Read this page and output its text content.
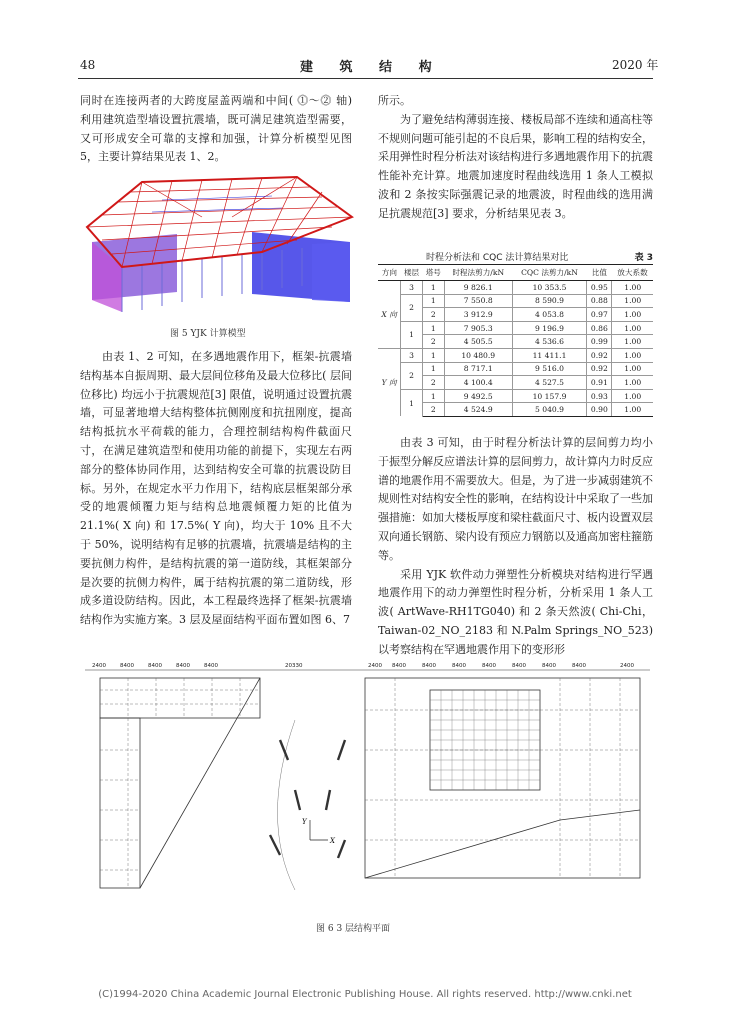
48	建 筑 结 构	2020 年

同时在连接两者的大跨度屋盖两端和中间( ⓵～⓶ 轴) 利用建筑造型墙设置抗震墙，既可满足建筑造型需要，又可形成安全可靠的支撑和加强，计算分析模型见图 5，主要计算结果见表 1、2。

图 5 YJK 计算模型

由表 1、2 可知，在多遇地震作用下，框架-抗震墙结构基本自振周期、最大层间位移角及最大位移比( 层间位移比) 均远小于抗震规范[3] 限值，说明通过设置抗震墙，可显著地增大结构整体抗侧刚度和抗扭刚度，提高结构抵抗水平荷载的能力，合理控制结构构件截面尺寸，在满足建筑造型和使用功能的前提下，实现左右两部分的整体协同作用，达到结构安全可靠的抗震设防目标。另外，在规定水平力作用下，结构底层框架部分承受的地震倾覆力矩与结构总地震倾覆力矩的比值为 21.1%( X 向) 和 17.5%( Y 向)，均大于 10% 且不大于 50%，说明结构有足够的抗震墙，抗震墙是结构的主要抗侧力构件，是结构抗震的第一道防线，其框架部分是次要的抗侧力构件，属于结构抗震的第二道防线，形成多道设防结构。因此，本工程最终选择了框架-抗震墙结构作为实施方案。3 层及屋面结构平面布置如图 6、7

所示。

为了避免结构薄弱连接、楼板局部不连续和通高柱等不规则问题可能引起的不良后果，影响工程的结构安全，采用弹性时程分析法对该结构进行多遇地震作用下的抗震性能补充计算。地震加速度时程曲线选用 1 条人工模拟波和 2 条按实际强震记录的地震波，时程曲线的选用满足抗震规范[3] 要求，分析结果见表 3。

时程分析法和 CQC 法计算结果对比	表 3
方向	楼层	塔号	时程法剪力/kN	CQC 法剪力/kN	比值	放大系数
X 向	3	1	9 826.1	10 353.5	0.95	1.00
	2	1	7 550.8	8 590.9	0.88	1.00
		2	3 912.9	4 053.8	0.97	1.00
	1	1	7 905.3	9 196.9	0.86	1.00
		2	4 505.5	4 536.6	0.99	1.00
Y 向	3	1	10 480.9	11 411.1	0.92	1.00
	2	1	8 717.1	9 516.0	0.92	1.00
		2	4 100.4	4 527.5	0.91	1.00
	1	1	9 492.5	10 157.9	0.93	1.00
		2	4 524.9	5 040.9	0.90	1.00

由表 3 可知，由于时程分析法计算的层间剪力均小于振型分解反应谱法计算的层间剪力，故计算内力时反应谱的地震作用不需要放大。但是，为了进一步减弱建筑不规则性对结构安全性的影响，在结构设计中采取了一些加强措施：如加大楼板厚度和梁柱截面尺寸、板内设置双层双向通长钢筋、梁内设有预应力钢筋以及通高加密柱箍筋等。

采用 YJK 软件动力弹塑性分析模块对结构进行罕遇地震作用下的动力弹塑性时程分析，分析采用 1 条人工波( ArtWave-RH1TG040) 和 2 条天然波( Chi-Chi，Taiwan-02_NO_2183 和 N.Palm Springs_NO_523) 以考察结构在罕遇地震作用下的变形形

2400	8400	8400	8400	8400	20330	2400 8400	8400	8400	8400	8400	8400	8400	2400
Y
X
图 6 3 层结构平面
(C)1994-2020 China Academic Journal Electronic Publishing House. All rights reserved. http://www.cnki.net
